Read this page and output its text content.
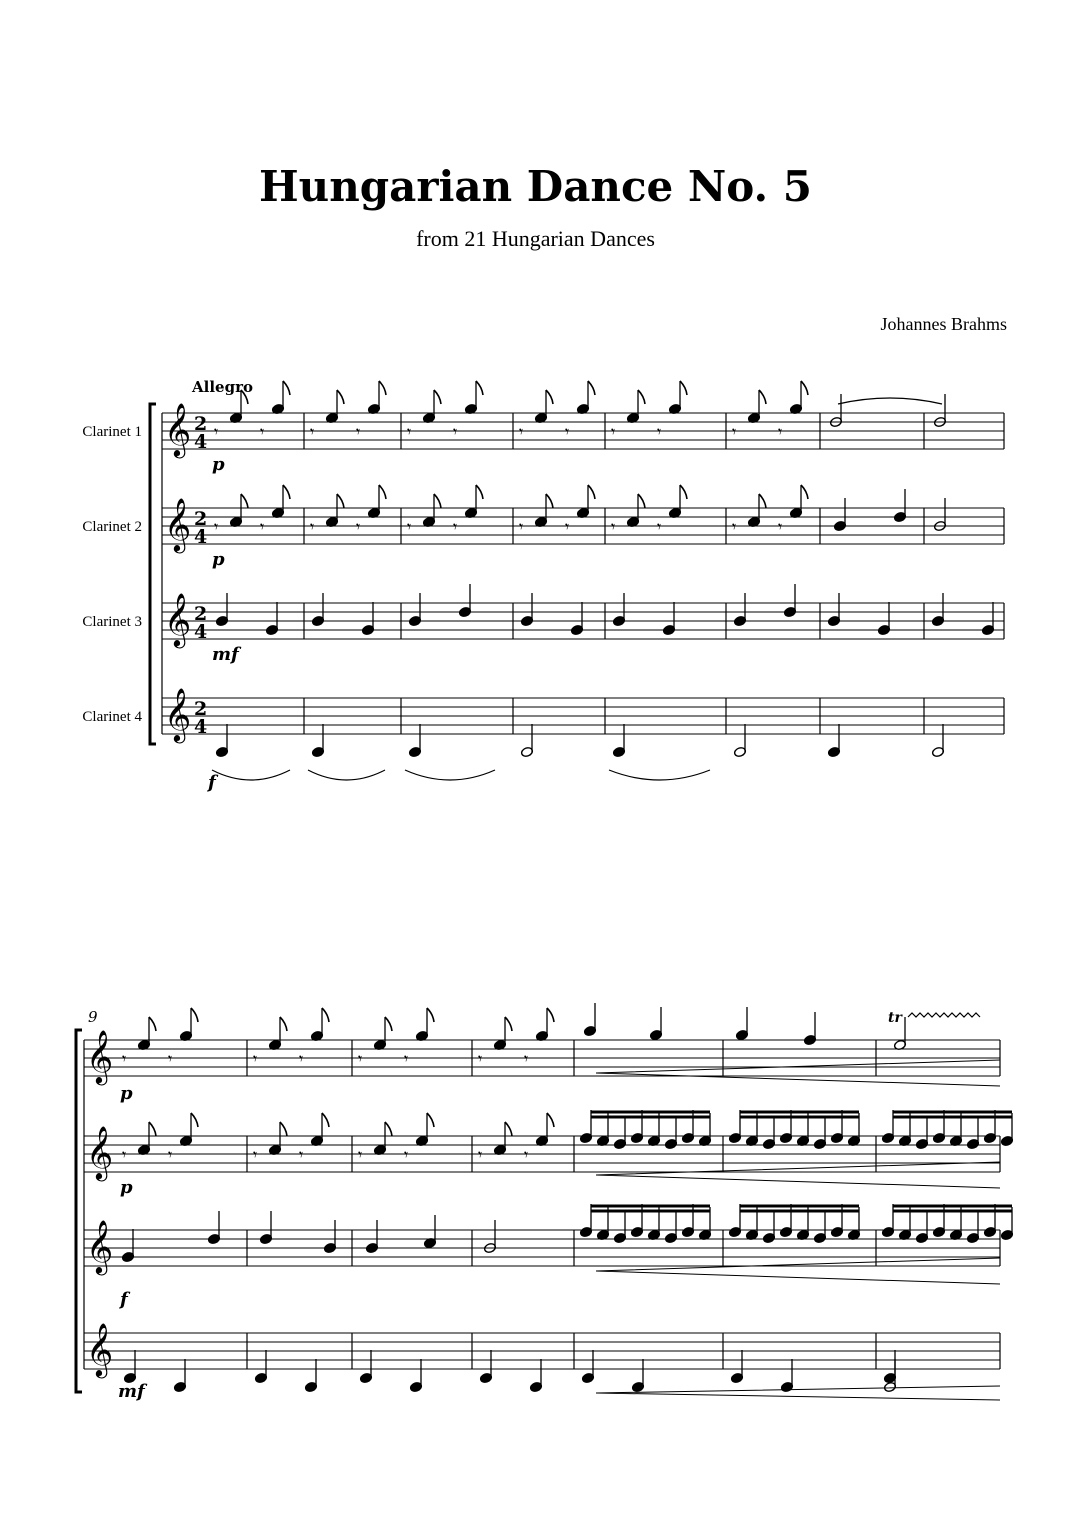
Hungarian Dance No. 5
from 21 Hungarian Dances
Johannes Brahms
Allegro
9
𝄞
𝄞
𝄞
𝄞
2
4
2
4
2
4
2
4
Clarinet 1
Clarinet 2
Clarinet 3
Clarinet 4
𝄾	𝄾
𝄾	𝄾
𝄾	𝄾
𝄾	𝄾
𝄾	𝄾
𝄾	𝄾
𝄾	𝄾
𝄾	𝄾
𝄾	𝄾
𝄾	𝄾
𝄾	𝄾
𝄾	𝄾
p
p
mf
f
𝄞
𝄞
𝄞
𝄞
𝄾	𝄾
𝄾	𝄾
𝄾	𝄾
𝄾	𝄾
𝄾	𝄾
𝄾	𝄾
𝄾	𝄾
𝄾	𝄾
tr
p
p
f
mf
